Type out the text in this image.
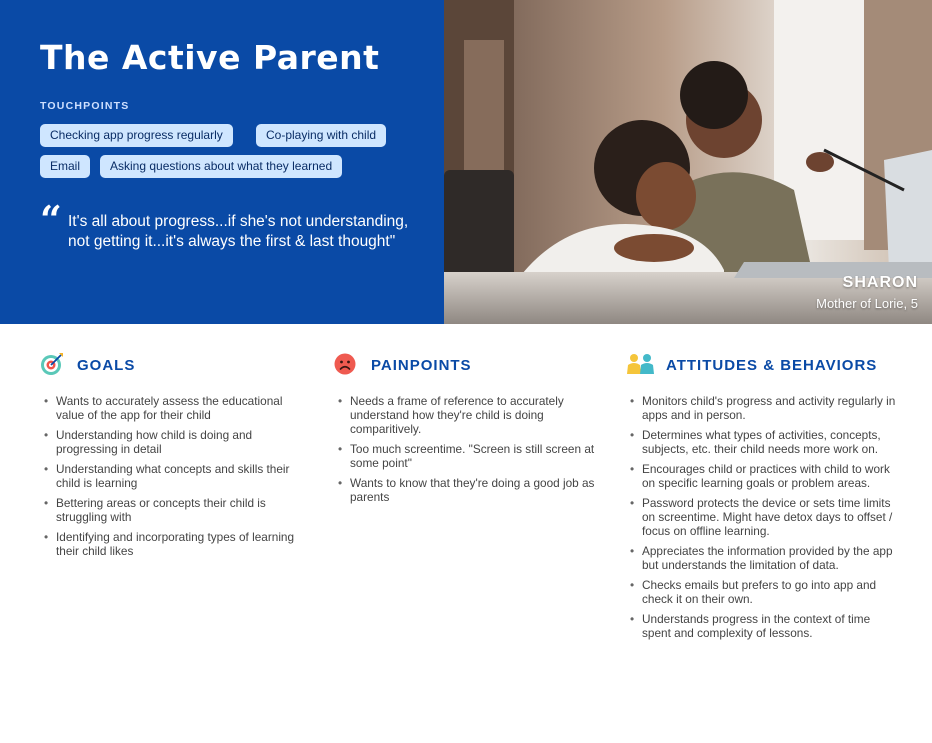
The Active Parent
TOUCHPOINTS
Checking app progress regularly	Co-playing with child
Email	Asking questions about what they learned
“ It's all about progress...if she's not understanding, not getting it...it's always the first & last thought"

SHARON
Mother of Lorie, 5
GOALS
• Wants to accurately assess the educational value of the app for their child
• Understanding how child is doing and progressing in detail
• Understanding what concepts and skills their child is learning
• Bettering areas or concepts their child is struggling with
• Identifying and incorporating types of learning their child likes
PAINPOINTS
• Needs a frame of reference to accurately understand how they're child is doing comparitively.
• Too much screentime. "Screen is still screen at some point"
• Wants to know that they're doing a good job as parents
ATTITUDES & BEHAVIORS
• Monitors child's progress and activity regularly in apps and in person.
• Determines what types of activities, concepts, subjects, etc. their child needs more work on.
• Encourages child or practices with child to work on specific learning goals or problem areas.
• Password protects the device or sets time limits on screentime. Might have detox days to offset / focus on offline learning.
• Appreciates the information provided by the app but understands the limitation of data.
• Checks emails but prefers to go into app and check it on their own.
• Understands progress in the context of time spent and complexity of lessons.
